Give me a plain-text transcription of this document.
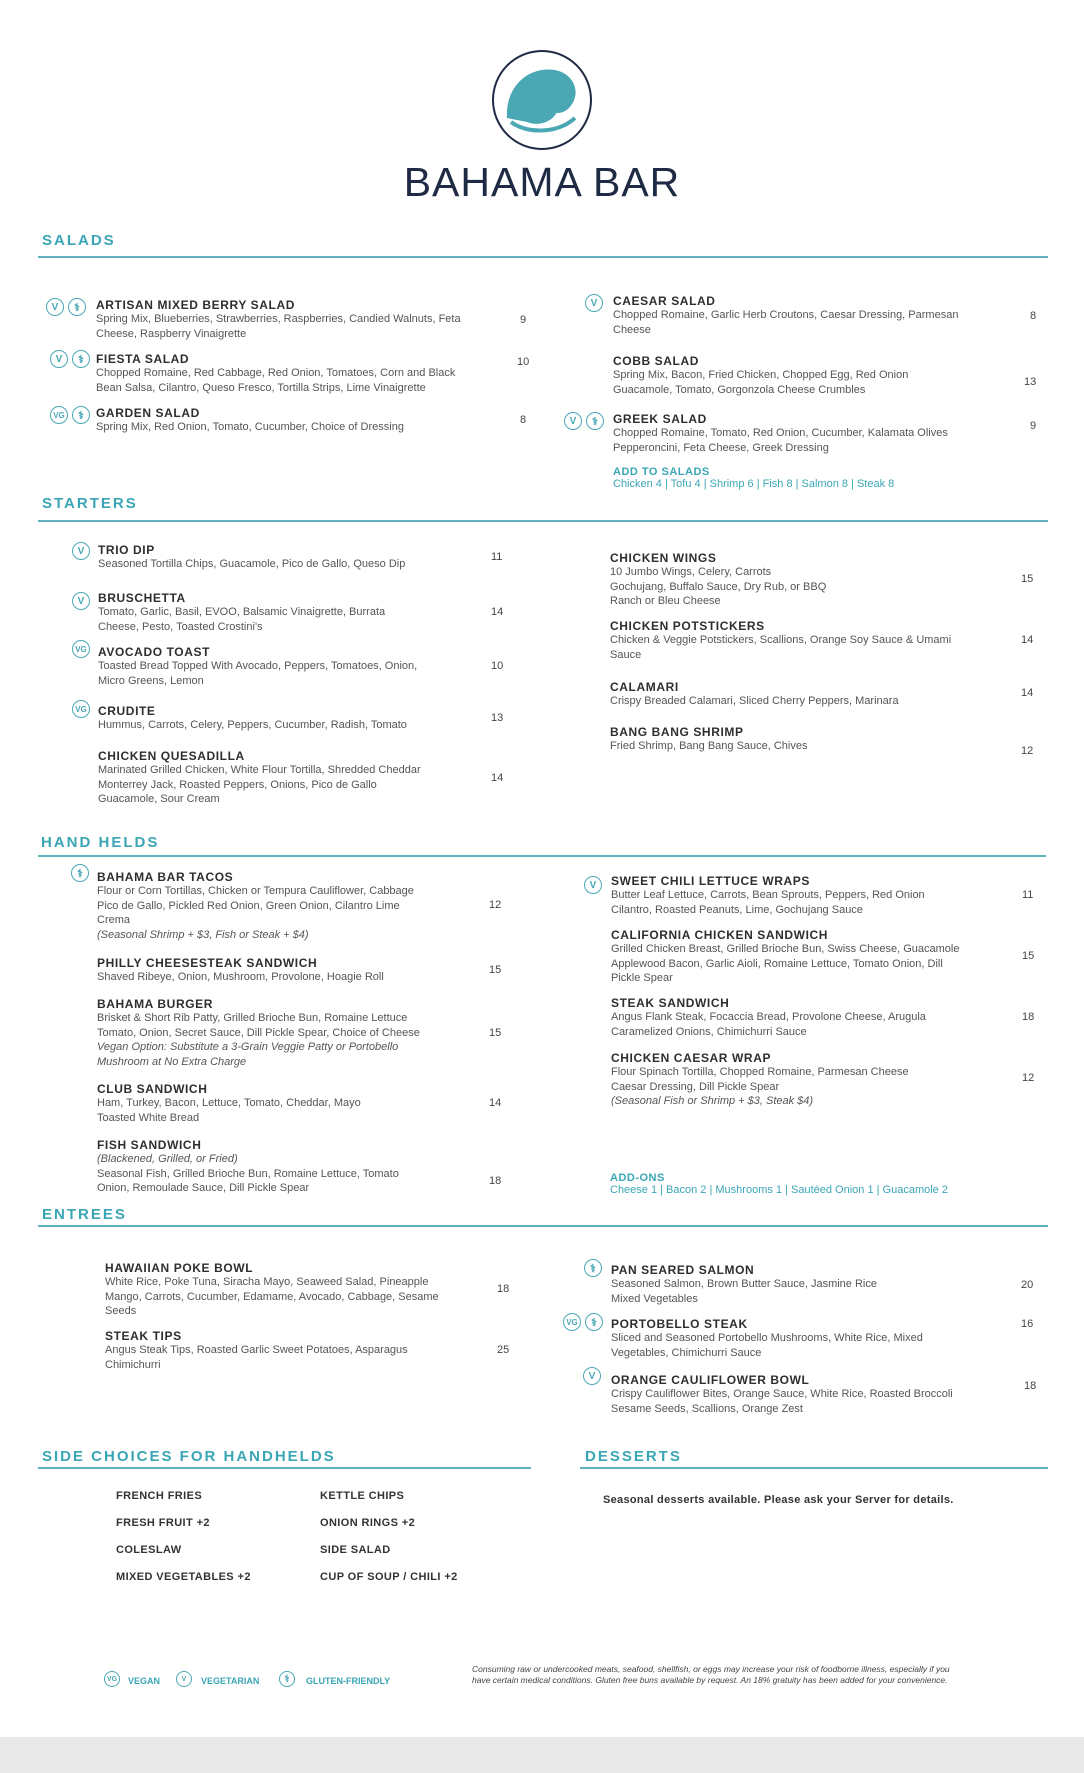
BAHAMA BAR
SALADS
V	⚕	ARTISAN MIXED BERRY SALAD
Spring Mix, Blueberries, Strawberries, Raspberries, Candied Walnuts, Feta
Cheese, Raspberry Vinaigrette
9
V	⚕	FIESTA SALAD
Chopped Romaine, Red Cabbage, Red Onion, Tomatoes, Corn and Black
Bean Salsa, Cilantro, Queso Fresco, Tortilla Strips, Lime Vinaigrette
10
VG	⚕	GARDEN SALAD
Spring Mix, Red Onion, Tomato, Cucumber, Choice of Dressing
8
V	CAESAR SALAD
Chopped Romaine, Garlic Herb Croutons, Caesar Dressing, Parmesan
Cheese
8
COBB SALAD
Spring Mix, Bacon, Fried Chicken, Chopped Egg, Red Onion
Guacamole, Tomato, Gorgonzola Cheese Crumbles
13
V	⚕	GREEK SALAD
Chopped Romaine, Tomato, Red Onion, Cucumber, Kalamata Olives
Pepperoncini, Feta Cheese, Greek Dressing
9
ADD TO SALADS
Chicken 4 | Tofu 4 | Shrimp 6 | Fish 8 | Salmon 8 | Steak 8
STARTERS
V	TRIO DIP
Seasoned Tortilla Chips, Guacamole, Pico de Gallo, Queso Dip
11
V	BRUSCHETTA
Tomato, Garlic, Basil, EVOO, Balsamic Vinaigrette, Burrata
Cheese, Pesto, Toasted Crostini's
14
VG AVOCADO TOAST
Toasted Bread Topped With Avocado, Peppers, Tomatoes, Onion,
Micro Greens, Lemon
10
VG CRUDITE
Hummus, Carrots, Celery, Peppers, Cucumber, Radish, Tomato
13
CHICKEN QUESADILLA
Marinated Grilled Chicken, White Flour Tortilla, Shredded Cheddar
Monterrey Jack, Roasted Peppers, Onions, Pico de Gallo
Guacamole, Sour Cream
14
CHICKEN WINGS
10 Jumbo Wings, Celery, Carrots
Gochujang, Buffalo Sauce, Dry Rub, or BBQ
Ranch or Bleu Cheese
15
CHICKEN POTSTICKERS
Chicken & Veggie Potstickers, Scallions, Orange Soy Sauce & Umami
Sauce
14
CALAMARI
Crispy Breaded Calamari, Sliced Cherry Peppers, Marinara
14
BANG BANG SHRIMP
Fried Shrimp, Bang Bang Sauce, Chives	12
HAND HELDS
⚕	BAHAMA BAR TACOS
Flour or Corn Tortillas, Chicken or Tempura Cauliflower, Cabbage
Pico de Gallo, Pickled Red Onion, Green Onion, Cilantro Lime
Crema
(Seasonal Shrimp + $3, Fish or Steak + $4)
12
PHILLY CHEESESTEAK SANDWICH
Shaved Ribeye, Onion, Mushroom, Provolone, Hoagie Roll
15
BAHAMA BURGER
Brisket & Short Rib Patty, Grilled Brioche Bun, Romaine Lettuce
Tomato, Onion, Secret Sauce, Dill Pickle Spear, Choice of Cheese
Vegan Option: Substitute a 3-Grain Veggie Patty or Portobello
Mushroom at No Extra Charge
15
CLUB SANDWICH
Ham, Turkey, Bacon, Lettuce, Tomato, Cheddar, Mayo
Toasted White Bread
14
FISH SANDWICH
(Blackened, Grilled, or Fried)
Seasonal Fish, Grilled Brioche Bun, Romaine Lettuce, Tomato
Onion, Remoulade Sauce, Dill Pickle Spear
18
V	SWEET CHILI LETTUCE WRAPS
Butter Leaf Lettuce, Carrots, Bean Sprouts, Peppers, Red Onion
Cilantro, Roasted Peanuts, Lime, Gochujang Sauce
11
CALIFORNIA CHICKEN SANDWICH
Grilled Chicken Breast, Grilled Brioche Bun, Swiss Cheese, Guacamole
Applewood Bacon, Garlic Aioli, Romaine Lettuce, Tomato Onion, Dill
Pickle Spear
15
STEAK SANDWICH
Angus Flank Steak, Focaccia Bread, Provolone Cheese, Arugula
Caramelized Onions, Chimichurri Sauce
18
CHICKEN CAESAR WRAP
Flour Spinach Tortilla, Chopped Romaine, Parmesan Cheese
Caesar Dressing, Dill Pickle Spear
(Seasonal Fish or Shrimp + $3, Steak $4)
12
ADD-ONS
Cheese 1 | Bacon 2 | Mushrooms 1 | Sautéed Onion 1 | Guacamole 2
ENTREES
HAWAIIAN POKE BOWL
White Rice, Poke Tuna, Siracha Mayo, Seaweed Salad, Pineapple
Mango, Carrots, Cucumber, Edamame, Avocado, Cabbage, Sesame
Seeds
18
STEAK TIPS
Angus Steak Tips, Roasted Garlic Sweet Potatoes, Asparagus
Chimichurri
25
⚕	PAN SEARED SALMON
Seasoned Salmon, Brown Butter Sauce, Jasmine Rice
Mixed Vegetables
20
VG	⚕	PORTOBELLO STEAK
Sliced and Seasoned Portobello Mushrooms, White Rice, Mixed
Vegetables, Chimichurri Sauce
16
V	ORANGE CAULIFLOWER BOWL
Crispy Cauliflower Bites, Orange Sauce, White Rice, Roasted Broccoli
Sesame Seeds, Scallions, Orange Zest
18
SIDE CHOICES FOR HANDHELDS
FRENCH FRIES
FRESH FRUIT +2
COLESLAW
MIXED VEGETABLES +2
KETTLE CHIPS
ONION RINGS +2
SIDE SALAD
CUP OF SOUP / CHILI +2
DESSERTS
Seasonal desserts available. Please ask your Server for details.
VG	VEGAN	V	VEGETARIAN	⚕	GLUTEN-FRIENDLY
Consuming raw or undercooked meats, seafood, shellfish, or eggs may increase your risk of foodborne illness, especially if you
have certain medical conditions. Gluten free buns available by request. An 18% gratuity has been added for your convenience.
